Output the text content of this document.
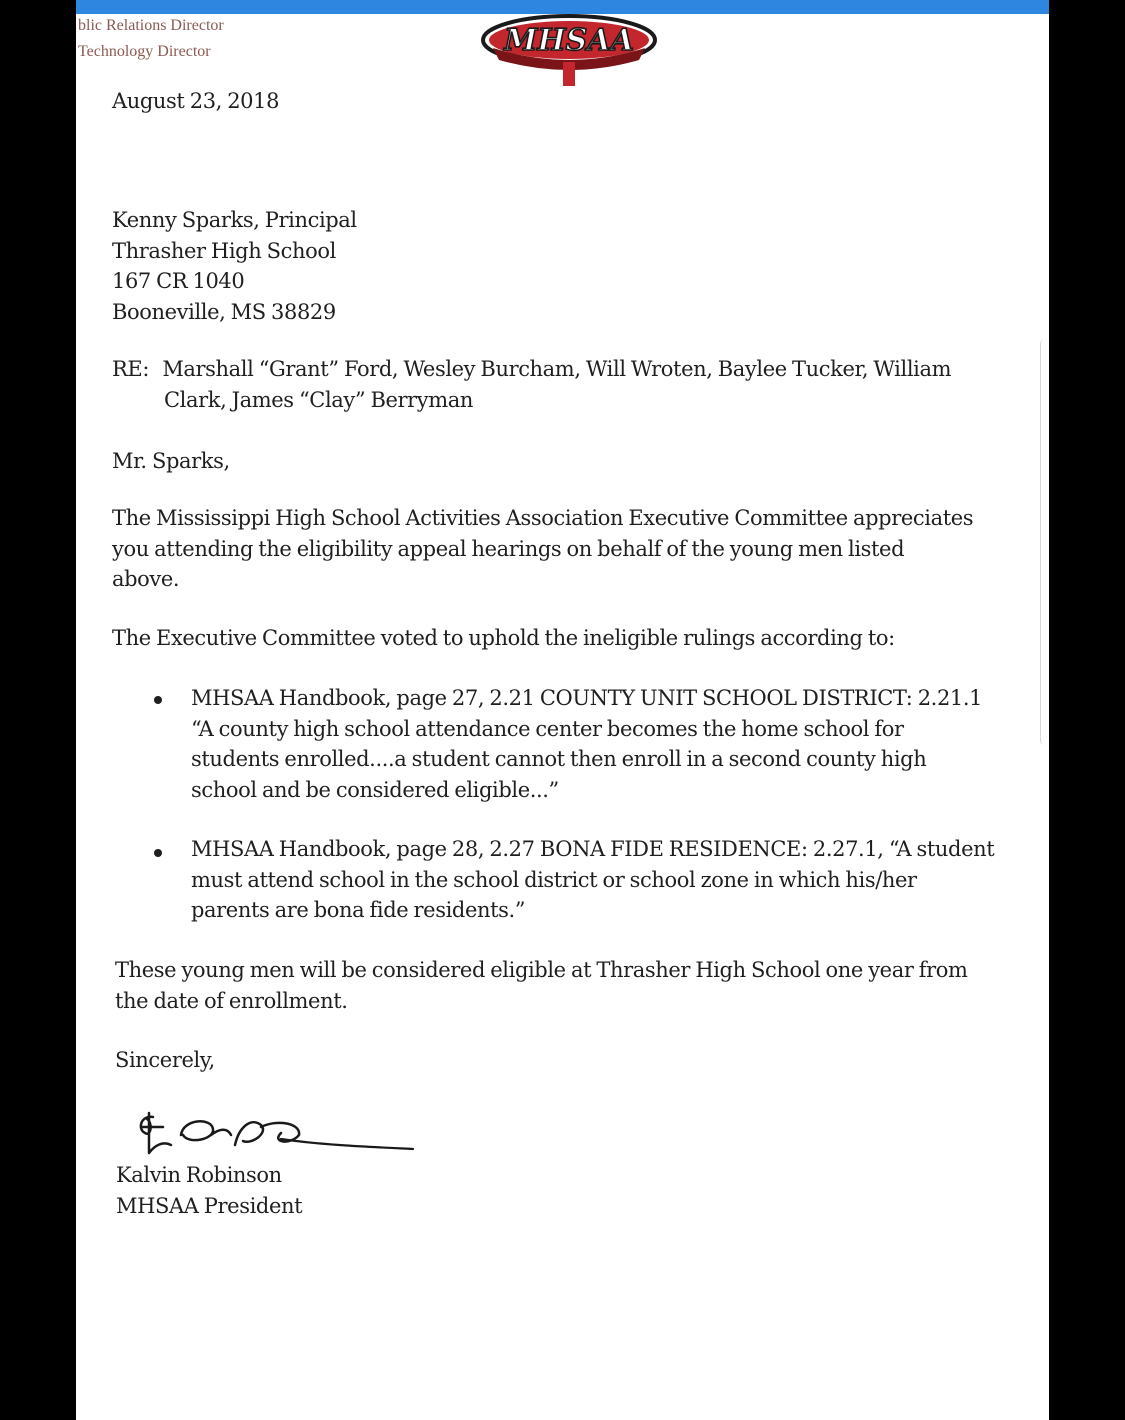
blic Relations Director
Technology Director	MHSAA
August 23, 2018

Kenny Sparks, Principal

Thrasher High School

167 CR 1040

Booneville, MS 38829

RE: Marshall “Grant” Ford, Wesley Burcham, Will Wroten, Baylee Tucker, William
Clark, James “Clay” Berryman
Mr. Sparks,

The Mississippi High School Activities Association Executive Committee appreciates

you attending the eligibility appeal hearings on behalf of the young men listed

above.

The Executive Committee voted to uphold the ineligible rulings according to:

MHSAA Handbook, page 27, 2.21 COUNTY UNIT SCHOOL DISTRICT: 2.21.1

“A county high school attendance center becomes the home school for

students enrolled....a student cannot then enroll in a second county high

school and be considered eligible...”

MHSAA Handbook, page 28, 2.27 BONA FIDE RESIDENCE: 2.27.1, “A student

must attend school in the school district or school zone in which his/her

parents are bona fide residents.”

These young men will be considered eligible at Thrasher High School one year from

the date of enrollment.

Sincerely,

Kalvin Robinson

MHSAA President
